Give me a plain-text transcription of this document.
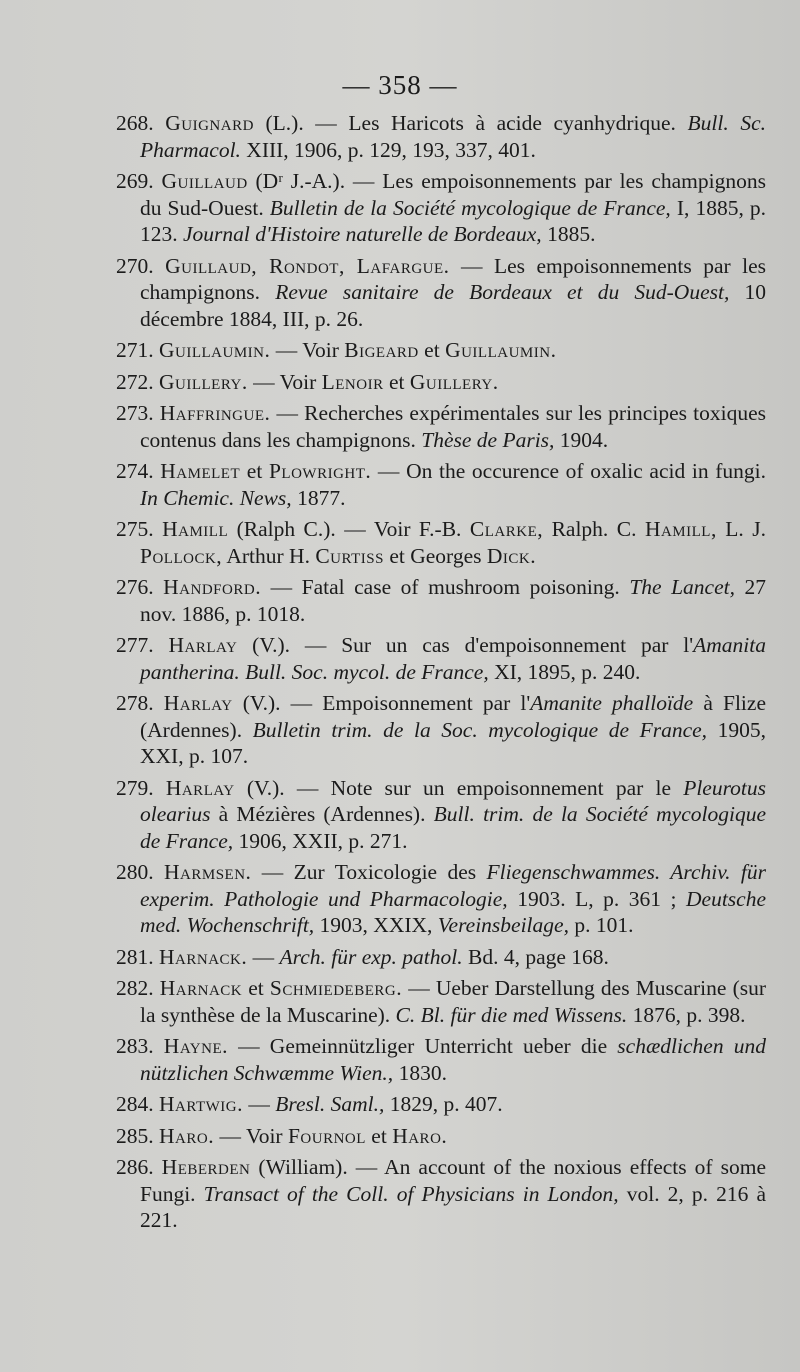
— 358 —

268. Guignard (L.). — Les Haricots à acide cyanhydrique. Bull. Sc. Pharmacol. XIII, 1906, p. 129, 193, 337, 401.

269. Guillaud (Dʳ J.-A.). — Les empoisonnements par les champignons du Sud-Ouest. Bulletin de la Société mycologique de France, I, 1885, p. 123. Journal d'Histoire naturelle de Bordeaux, 1885.

270. Guillaud, Rondot, Lafargue. — Les empoisonnements par les champignons. Revue sanitaire de Bordeaux et du Sud-Ouest, 10 décembre 1884, III, p. 26.

271. Guillaumin. — Voir Bigeard et Guillaumin.

272. Guillery. — Voir Lenoir et Guillery.

273. Haffringue. — Recherches expérimentales sur les principes toxiques contenus dans les champignons. Thèse de Paris, 1904.

274. Hamelet et Plowright. — On the occurence of oxalic acid in fungi. In Chemic. News, 1877.

275. Hamill (Ralph C.). — Voir F.-B. Clarke, Ralph. C. Hamill, L. J. Pollock, Arthur H. Curtiss et Georges Dick.

276. Handford. — Fatal case of mushroom poisoning. The Lancet, 27 nov. 1886, p. 1018.

277. Harlay (V.). — Sur un cas d'empoisonnement par l'Amanita pantherina. Bull. Soc. mycol. de France, XI, 1895, p. 240.

278. Harlay (V.). — Empoisonnement par l'Amanite phalloïde à Flize (Ardennes). Bulletin trim. de la Soc. mycologique de France, 1905, XXI, p. 107.

279. Harlay (V.). — Note sur un empoisonnement par le Pleurotus olearius à Mézières (Ardennes). Bull. trim. de la Société mycologique de France, 1906, XXII, p. 271.

280. Harmsen. — Zur Toxicologie des Fliegenschwammes. Archiv. für experim. Pathologie und Pharmacologie, 1903. L, p. 361 ; Deutsche med. Wochenschrift, 1903, XXIX, Vereinsbeilage, p. 101.

281. Harnack. — Arch. für exp. pathol. Bd. 4, page 168.

282. Harnack et Schmiedeberg. — Ueber Darstellung des Muscarine (sur la synthèse de la Muscarine). C. Bl. für die med Wissens. 1876, p. 398.

283. Hayne. — Gemeinnützliger Unterricht ueber die schædlichen und nützlichen Schwæmme Wien., 1830.

284. Hartwig. — Bresl. Saml., 1829, p. 407.

285. Haro. — Voir Fournol et Haro.

286. Heberden (William). — An account of the noxious effects of some Fungi. Transact of the Coll. of Physicians in London, vol. 2, p. 216 à 221.
